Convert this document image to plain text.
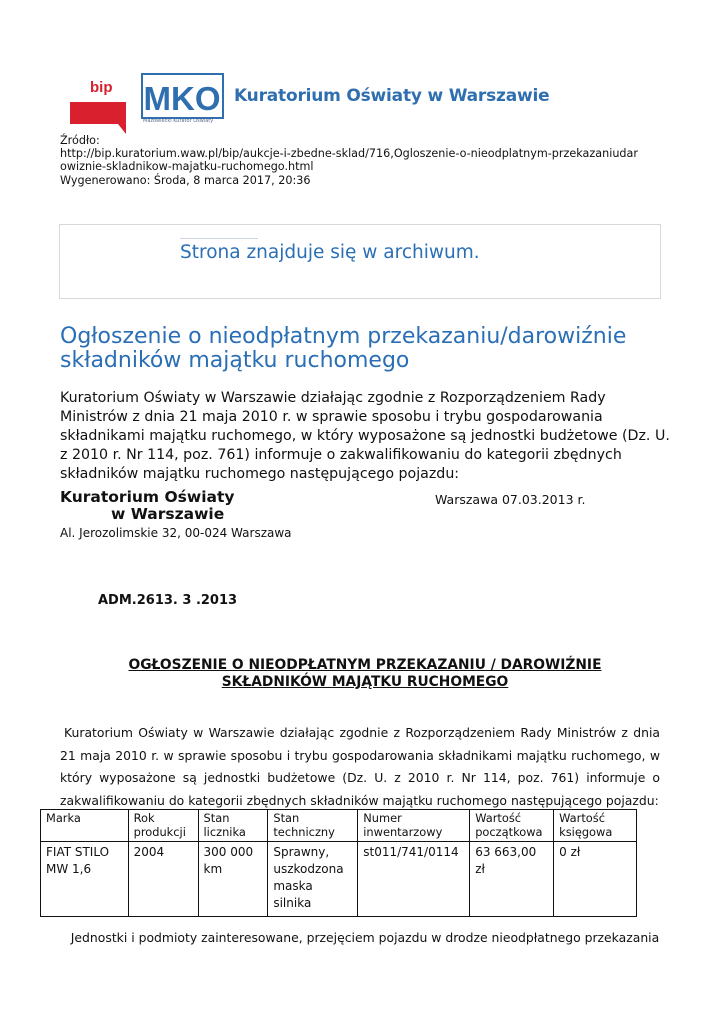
bip MKO
Mazowiecki Kurator Oświaty
Kuratorium Oświaty w Warszawie
Źródło:
http://bip.kuratorium.waw.pl/bip/aukcje-i-zbedne-sklad/716,Ogloszenie-o-nieodplatnym-przekazaniudar
owiznie-skladnikow-majatku-ruchomego.html
Wygenerowano: Środa, 8 marca 2017, 20:36
Strona znajduje się w archiwum.
Ogłoszenie o nieodpłatnym przekazaniu/darowiźnie
składników majątku ruchomego
Kuratorium Oświaty w Warszawie działając zgodnie z Rozporządzeniem Rady Ministrów z dnia 21 maja 2010 r. w sprawie sposobu i trybu gospodarowania składnikami majątku ruchomego, w który wyposażone są jednostki budżetowe (Dz. U. z 2010 r. Nr 114, poz. 761) informuje o zakwalifikowaniu do kategorii zbędnych składników majątku ruchomego następującego pojazdu:
Kuratorium Oświaty
w Warszawie
Warszawa 07.03.2013 r.
Al. Jerozolimskie 32, 00-024 Warszawa
ADM.2613. 3 .2013
OGŁOSZENIE O NIEODPŁATNYM PRZEKAZANIU / DAROWIŹNIE
SKŁADNIKÓW MAJĄTKU RUCHOMEGO
Kuratorium Oświaty w Warszawie działając zgodnie z Rozporządzeniem Rady Ministrów z dnia 21 maja 2010 r. w sprawie sposobu i trybu gospodarowania składnikami majątku ruchomego, w który wyposażone są jednostki budżetowe (Dz. U. z 2010 r. Nr 114, poz. 761) informuje o zakwalifikowaniu do kategorii zbędnych składników majątku ruchomego następującego pojazdu:
Marka	Rok produkcji	Stan licznika	Stan techniczny	Numer inwentarzowy	Wartość początkowa	Wartość księgowa
FIAT STILO MW 1,6	2004	300 000 km	Sprawny, uszkodzona maska silnika	st011/741/0114	63 663,00 zł	0 zł
Jednostki i podmioty zainteresowane, przejęciem pojazdu w drodze nieodpłatnego przekazania
